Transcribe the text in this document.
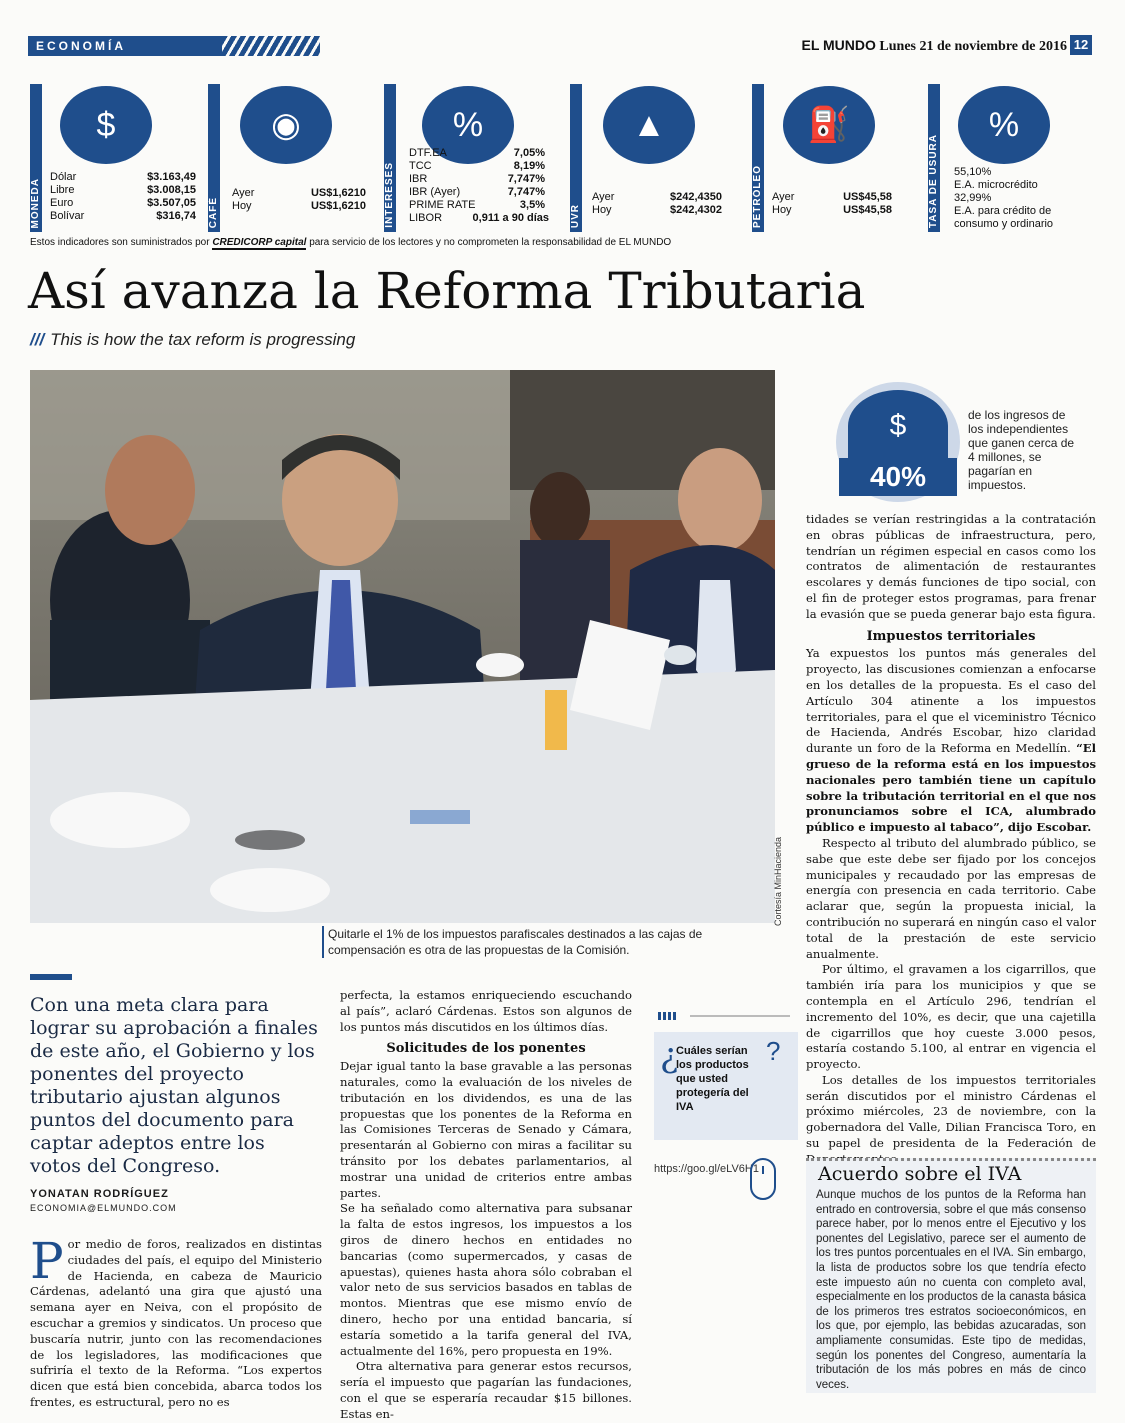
ECONOMÍA	EL MUNDO Lunes 21 de noviembre de 2016 12
MONEDA
$
Dólar	$3.163,49
Libre	$3.008,15
Euro	$3.507,05
Bolívar	$316,74 CAFÉ
◉
Ayer	US$1,6210
Hoy	US$1,6210 INTERESES
%
DTF.EA	7,05%
TCC	8,19%
IBR	7,747%
IBR (Ayer)	7,747%
PRIME RATE	3,5%
LIBOR	0,911 a 90 días UVR
▲
Ayer	$242,4350
Hoy	$242,4302	PETRÓLEO
⛽
Ayer	US$45,58
Hoy	US$45,58	TASA DE USURA
%
55,10%
E.A. microcrédito
32,99%
E.A. para crédito de
consumo y ordinario
Estos indicadores son suministrados por CREDICORP capital para servicio de los lectores y no comprometen la responsabilidad de EL MUNDO
Así avanza la Reforma Tributaria
/// This is how the tax reform is progressing
Cortesía MinHacienda
Quitarle el 1% de los impuestos parafiscales destinados a las cajas de compensación es otra de las propuestas de la Comisión.
$
40%
de los ingresos de los independientes que ganen cerca de 4 millones, se pagarían en impuestos.

tidades se verían restringidas a la contratación en obras públicas de infraestructura, pero, tendrían un régimen especial en casos como los contratos de alimentación de restaurantes escolares y demás funciones de tipo social, con el fin de proteger estos programas, para frenar la evasión que se pueda generar bajo esta figura.

Impuestos territoriales

Ya expuestos los puntos más generales del proyecto, las discusiones comienzan a enfocarse en los detalles de la propuesta. Es el caso del Artículo 304 atinente a los impuestos territoriales, para el que el viceministro Técnico de Hacienda, Andrés Escobar, hizo claridad durante un foro de la Reforma en Medellín. “El grueso de la reforma está en los impuestos nacionales pero también tiene un capítulo sobre la tributación territorial en el que nos pronunciamos sobre el ICA, alumbrado público e impuesto al tabaco”, dijo Escobar.

Respecto al tributo del alumbrado público, se sabe que este debe ser fijado por los concejos municipales y recaudado por las empresas de energía con presencia en cada territorio. Cabe aclarar que, según la propuesta inicial, la contribución no superará en ningún caso el valor total de la prestación de este servicio anualmente.

Por último, el gravamen a los cigarrillos, que también iría para los municipios y que se contempla en el Artículo 296, tendrían el incremento del 10%, es decir, que una cajetilla de cigarrillos que hoy cueste 3.000 pesos, estaría costando 5.100, al entrar en vigencia el proyecto.

Los detalles de los impuestos territoriales serán discutidos por el ministro Cárdenas el próximo miércoles, 23 de noviembre, con la gobernadora del Valle, Dilian Francisca Toro, en su papel de presidenta de la Federación de

Con una meta clara para lograr su aprobación a finales de este año, el Gobierno y los ponentes del proyecto tributario ajustan algunos puntos del documento para captar adeptos entre los votos del Congreso.
YONATAN RODRÍGUEZ
ECONOMIA@ELMUNDO.COM

Por medio de foros, realizados en distintas ciudades del país, el equipo del Ministerio de Hacienda, en cabeza de Mauricio Cárdenas, adelantó una gira que ajustó una semana ayer en Neiva, con el propósito de escuchar a gremios y sindicatos. Un proceso que buscaría nutrir, junto con las recomendaciones de los legisladores, las modificaciones que sufriría el texto de la Reforma. “Los expertos dicen que está bien concebida, abarca todos los frentes, es estructural, pero no es

perfecta, la estamos enriqueciendo escuchando al país”, aclaró Cárdenas. Estos son algunos de los puntos más discutidos en los últimos días.

Solicitudes de los ponentes

Dejar igual tanto la base gravable a las personas naturales, como la evaluación de los niveles de tributación en los dividendos, es una de las propuestas que los ponentes de la Reforma en las Comisiones Terceras de Senado y Cámara, presentarán al Gobierno con miras a facilitar su tránsito por los debates parlamentarios, al mostrar una unidad de criterios entre ambas partes.

Se ha señalado como alternativa para subsanar la falta de estos ingresos, los impuestos a los giros de dinero hechos en entidades no bancarias (como supermercados, y casas de apuestas), quienes hasta ahora sólo cobraban el valor neto de sus servicios basados en tablas de montos. Mientras que ese mismo envío de dinero, hecho por una entidad bancaria, sí estaría sometido a la tarifa general del IVA, actualmente del 16%, pero propuesta en 19%.

Otra alternativa para generar estos recursos, sería el impuesto que pagarían las fundaciones, con el que se esperaría recaudar $15 billones. Estas en-

¿	?
Cuáles serían los productos que usted protegería del IVA
https://goo.gl/eLV6H1	Acuerdo sobre el IVA
Aunque muchos de los puntos de la Reforma han entrado en controversia, sobre el que más consenso parece haber, por lo menos entre el Ejecutivo y los ponentes del Legislativo, parece ser el aumento de los tres puntos porcentuales en el IVA. Sin embargo, la lista de productos sobre los que tendría efecto este impuesto aún no cuenta con completo aval, especialmente en los productos de la canasta básica de los primeros tres estratos socioeconómicos, en los que, por ejemplo, las bebidas azucaradas, son ampliamente consumidas. Este tipo de medidas, según los ponentes del Congreso, aumentaría la tributación de los más pobres en más de cinco veces.
